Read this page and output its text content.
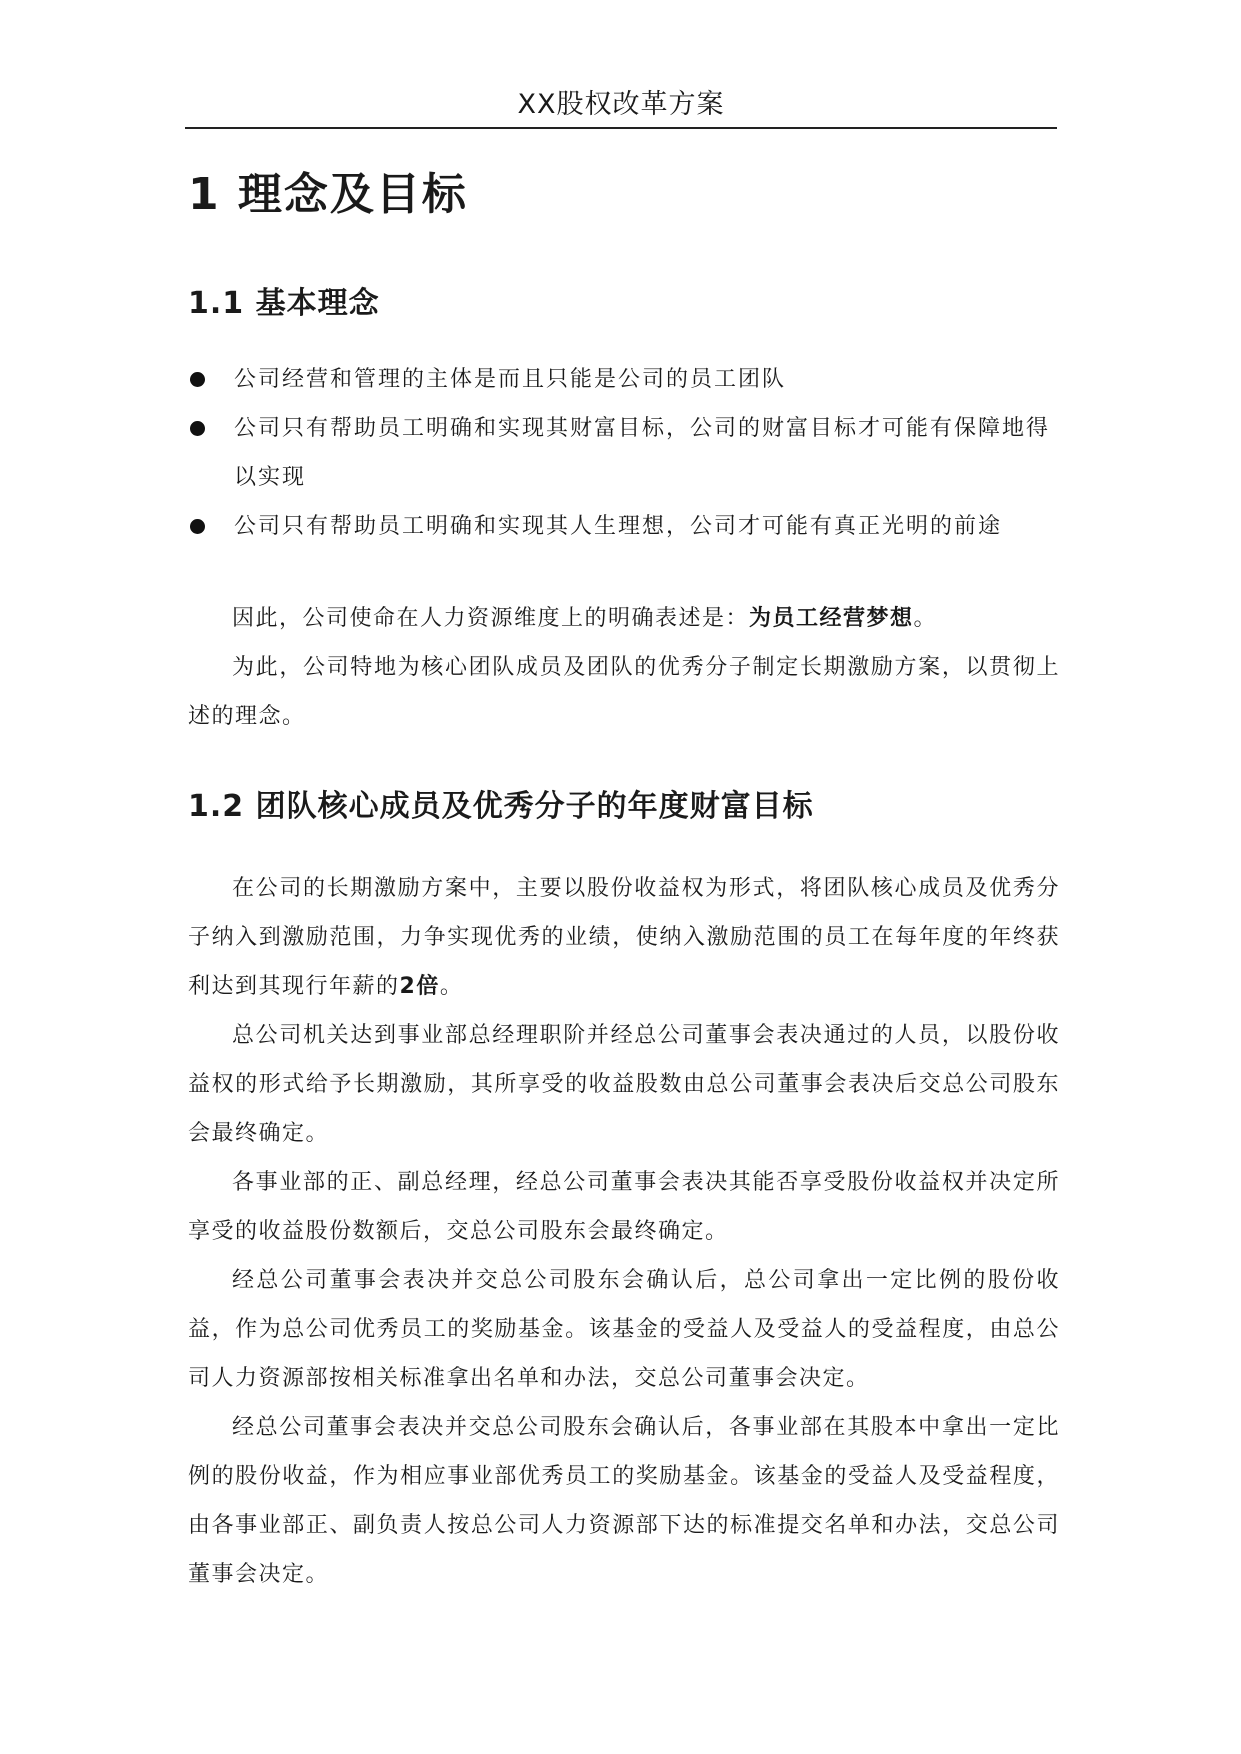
XX股权改革方案
1 理念及目标
1.1 基本理念
公司经营和管理的主体是而且只能是公司的员工团队
公司只有帮助员工明确和实现其财富目标，公司的财富目标才可能有保障地得以实现
公司只有帮助员工明确和实现其人生理想，公司才可能有真正光明的前途

因此，公司使命在人力资源维度上的明确表述是：为员工经营梦想。

为此，公司特地为核心团队成员及团队的优秀分子制定长期激励方案，以贯彻上述的理念。

1.2 团队核心成员及优秀分子的年度财富目标

在公司的长期激励方案中，主要以股份收益权为形式，将团队核心成员及优秀分子纳入到激励范围，力争实现优秀的业绩，使纳入激励范围的员工在每年度的年终获利达到其现行年薪的2倍。

总公司机关达到事业部总经理职阶并经总公司董事会表决通过的人员，以股份收益权的形式给予长期激励，其所享受的收益股数由总公司董事会表决后交总公司股东会最终确定。

各事业部的正、副总经理，经总公司董事会表决其能否享受股份收益权并决定所享受的收益股份数额后，交总公司股东会最终确定。

经总公司董事会表决并交总公司股东会确认后，总公司拿出一定比例的股份收益，作为总公司优秀员工的奖励基金。该基金的受益人及受益人的受益程度，由总公司人力资源部按相关标准拿出名单和办法，交总公司董事会决定。

经总公司董事会表决并交总公司股东会确认后，各事业部在其股本中拿出一定比例的股份收益，作为相应事业部优秀员工的奖励基金。该基金的受益人及受益程度，由各事业部正、副负责人按总公司人力资源部下达的标准提交名单和办法，交总公司董事会决定。
